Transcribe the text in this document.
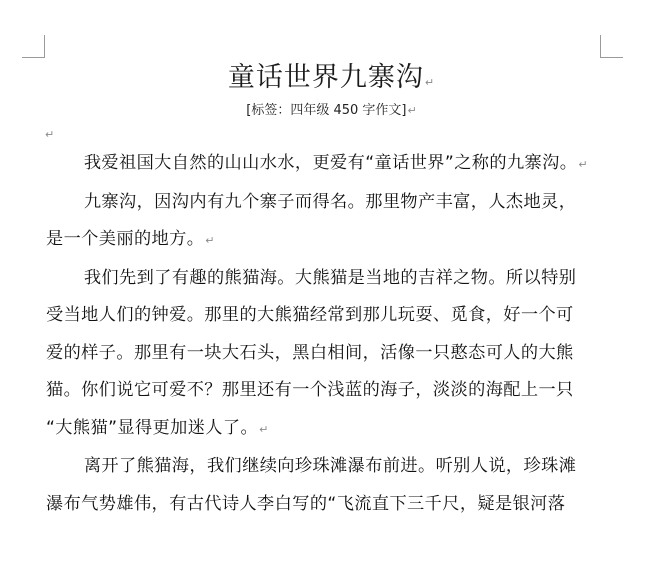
童话世界九寨沟↵
[标签：四年级 450 字作文]↵
↵

我爱祖国大自然的山山水水，更爱有“童话世界”之称的九寨沟。↵

九寨沟，因沟内有九个寨子而得名。那里物产丰富，人杰地灵，
是一个美丽的地方。↵

我们先到了有趣的熊猫海。大熊猫是当地的吉祥之物。所以特别
受当地人们的钟爱。那里的大熊猫经常到那儿玩耍、觅食，好一个可
爱的样子。那里有一块大石头，黑白相间，活像一只憨态可人的大熊
猫。你们说它可爱不？那里还有一个浅蓝的海子，淡淡的海配上一只
“大熊猫”显得更加迷人了。↵

离开了熊猫海，我们继续向珍珠滩瀑布前进。听别人说，珍珠滩
瀑布气势雄伟，有古代诗人李白写的“飞流直下三千尺，疑是银河落
